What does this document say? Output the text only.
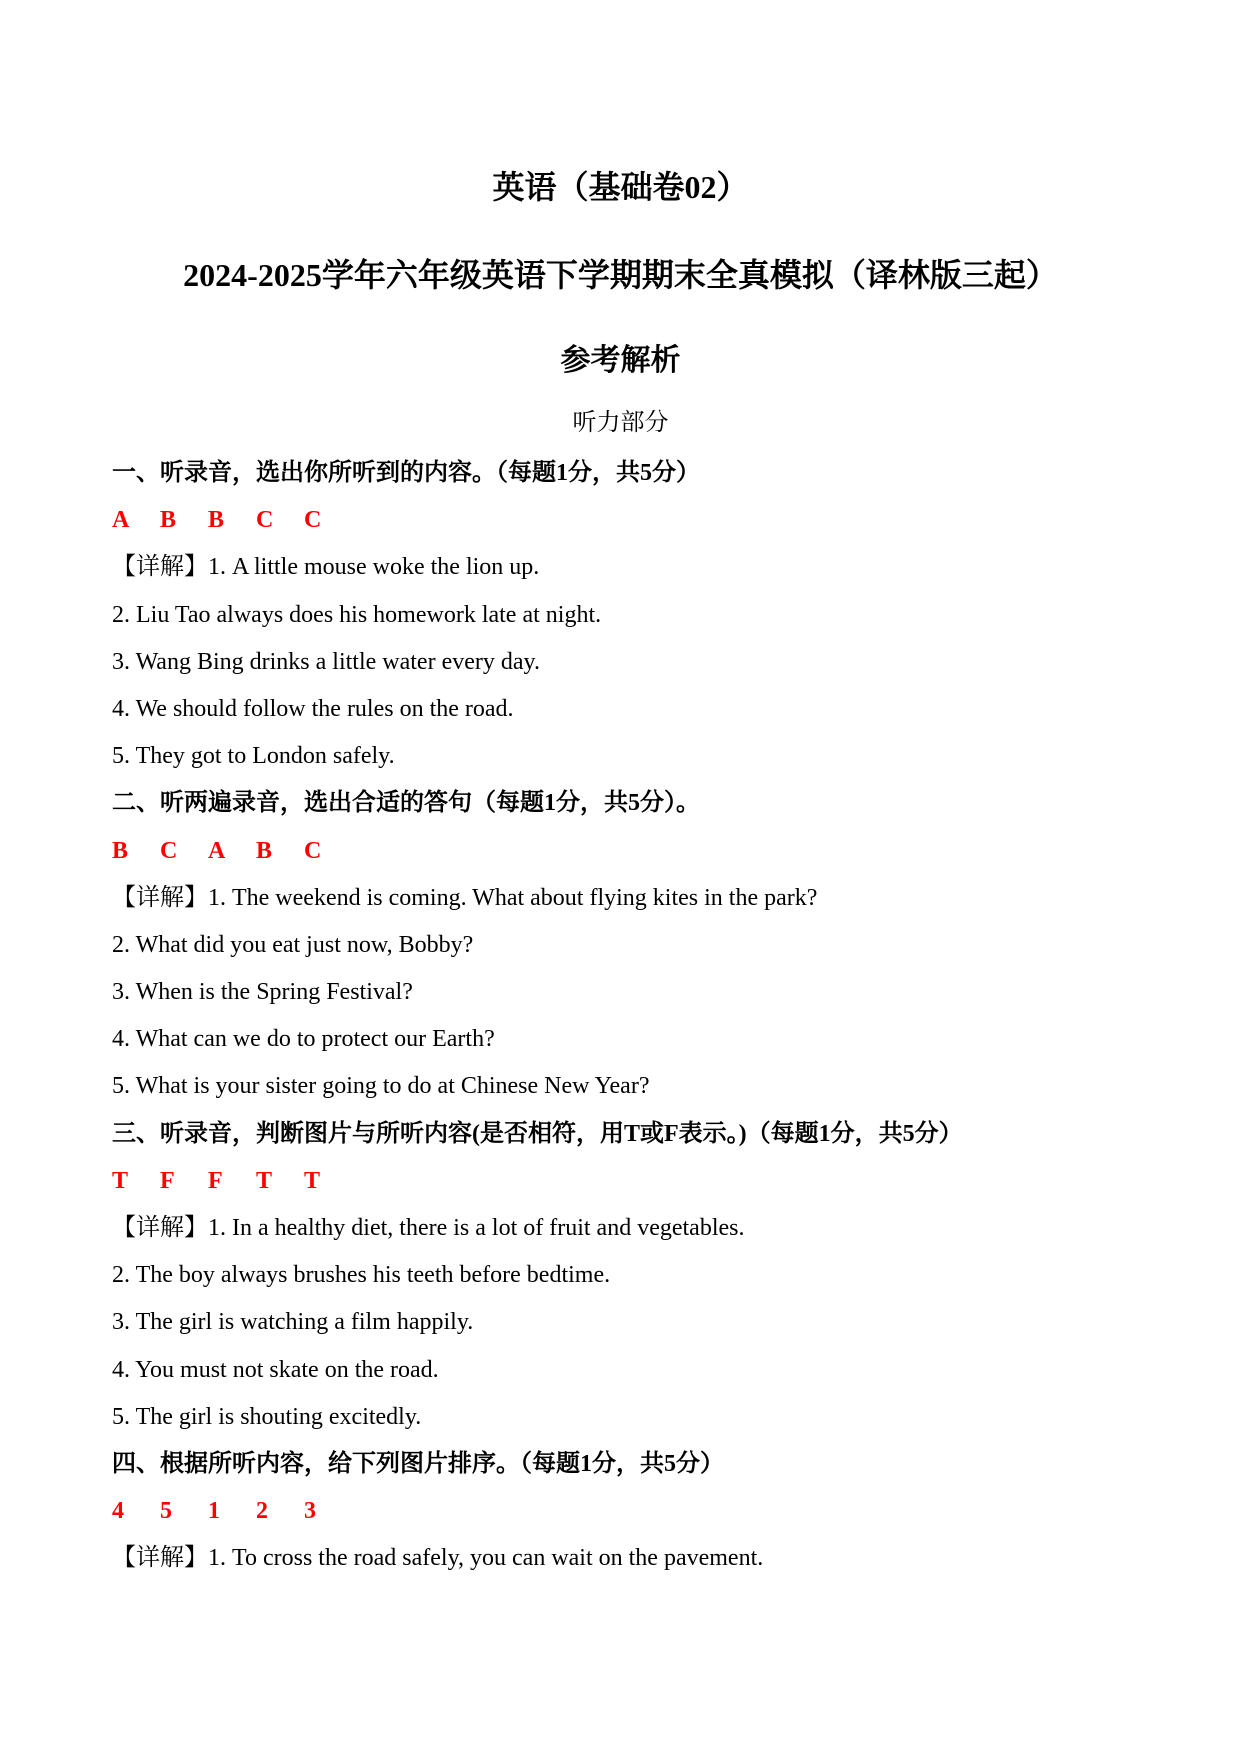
英语（基础卷02）
2024-2025学年六年级英语下学期期末全真模拟（译林版三起）
参考解析
听力部分
一、听录音，选出你所听到的内容。（每题1分，共5分）
A B B C C
【详解】1. A little mouse woke the lion up.
2. Liu Tao always does his homework late at night.
3. Wang Bing drinks a little water every day.
4. We should follow the rules on the road.
5. They got to London safely.
二、听两遍录音，选出合适的答句（每题1分，共5分）。
B C A B C
【详解】1. The weekend is coming. What about flying kites in the park?
2. What did you eat just now, Bobby?
3. When is the Spring Festival?
4. What can we do to protect our Earth?
5. What is your sister going to do at Chinese New Year?
三、听录音，判断图片与所听内容(是否相符，用T或F表示。)（每题1分，共5分）
T F F T T
【详解】1. In a healthy diet, there is a lot of fruit and vegetables.
2. The boy always brushes his teeth before bedtime.
3. The girl is watching a film happily.
4. You must not skate on the road.
5. The girl is shouting excitedly.
四、根据所听内容，给下列图片排序。（每题1分，共5分）
4 5 1 2 3
【详解】1. To cross the road safely, you can wait on the pavement.
